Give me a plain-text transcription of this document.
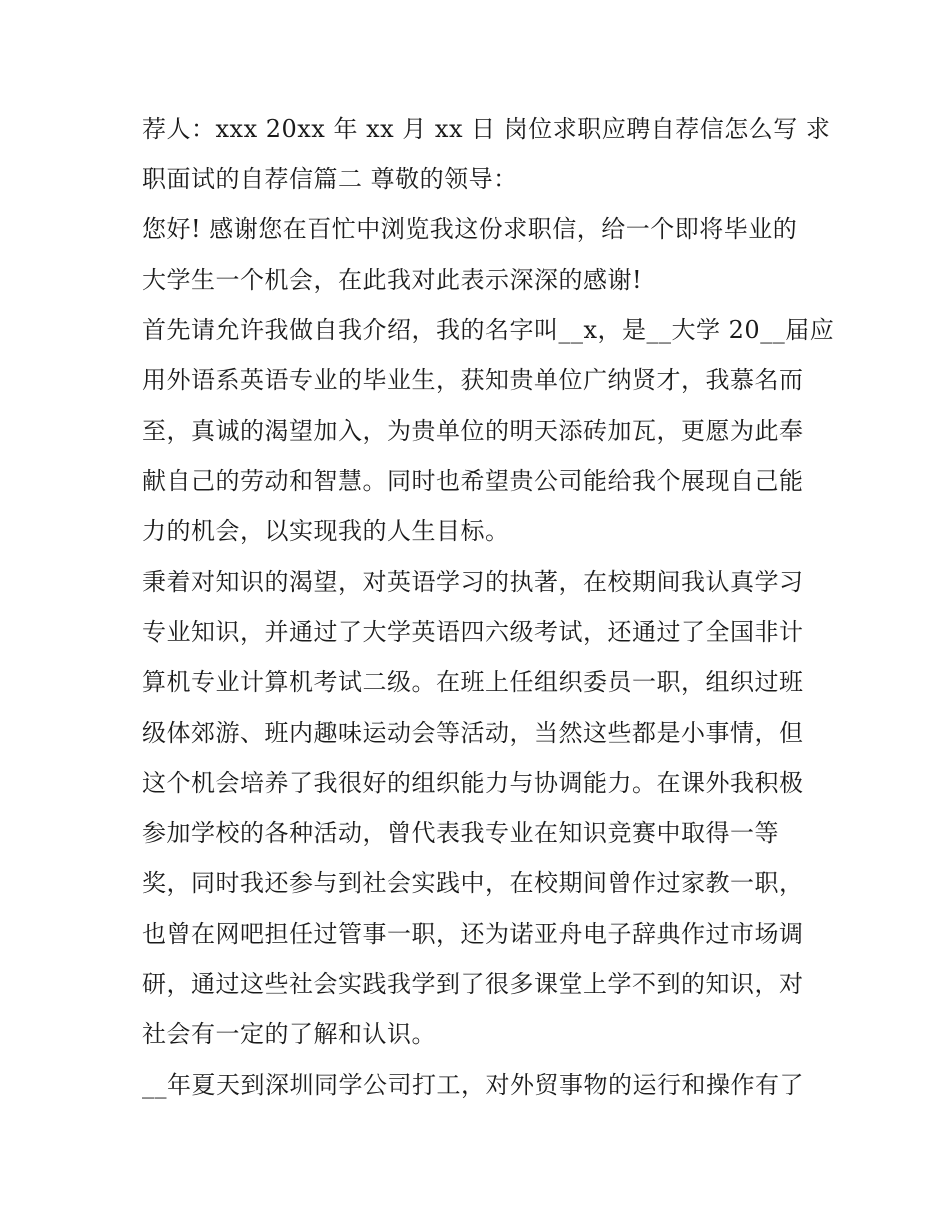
荐人：xxx 20xx 年 xx 月 xx 日 岗位求职应聘自荐信怎么写 求
职面试的自荐信篇二 尊敬的领导：
您好! 感谢您在百忙中浏览我这份求职信，给一个即将毕业的
大学生一个机会，在此我对此表示深深的感谢!
首先请允许我做自我介绍，我的名字叫__x，是__大学 20__届应
用外语系英语专业的毕业生，获知贵单位广纳贤才，我慕名而
至，真诚的渴望加入，为贵单位的明天添砖加瓦，更愿为此奉
献自己的劳动和智慧。同时也希望贵公司能给我个展现自己能
力的机会，以实现我的人生目标。
秉着对知识的渴望，对英语学习的执著，在校期间我认真学习
专业知识，并通过了大学英语四六级考试，还通过了全国非计
算机专业计算机考试二级。在班上任组织委员一职，组织过班
级体郊游、班内趣味运动会等活动，当然这些都是小事情，但
这个机会培养了我很好的组织能力与协调能力。在课外我积极
参加学校的各种活动，曾代表我专业在知识竞赛中取得一等
奖，同时我还参与到社会实践中，在校期间曾作过家教一职，
也曾在网吧担任过管事一职，还为诺亚舟电子辞典作过市场调
研，通过这些社会实践我学到了很多课堂上学不到的知识，对
社会有一定的了解和认识。
__年夏天到深圳同学公司打工，对外贸事物的运行和操作有了
